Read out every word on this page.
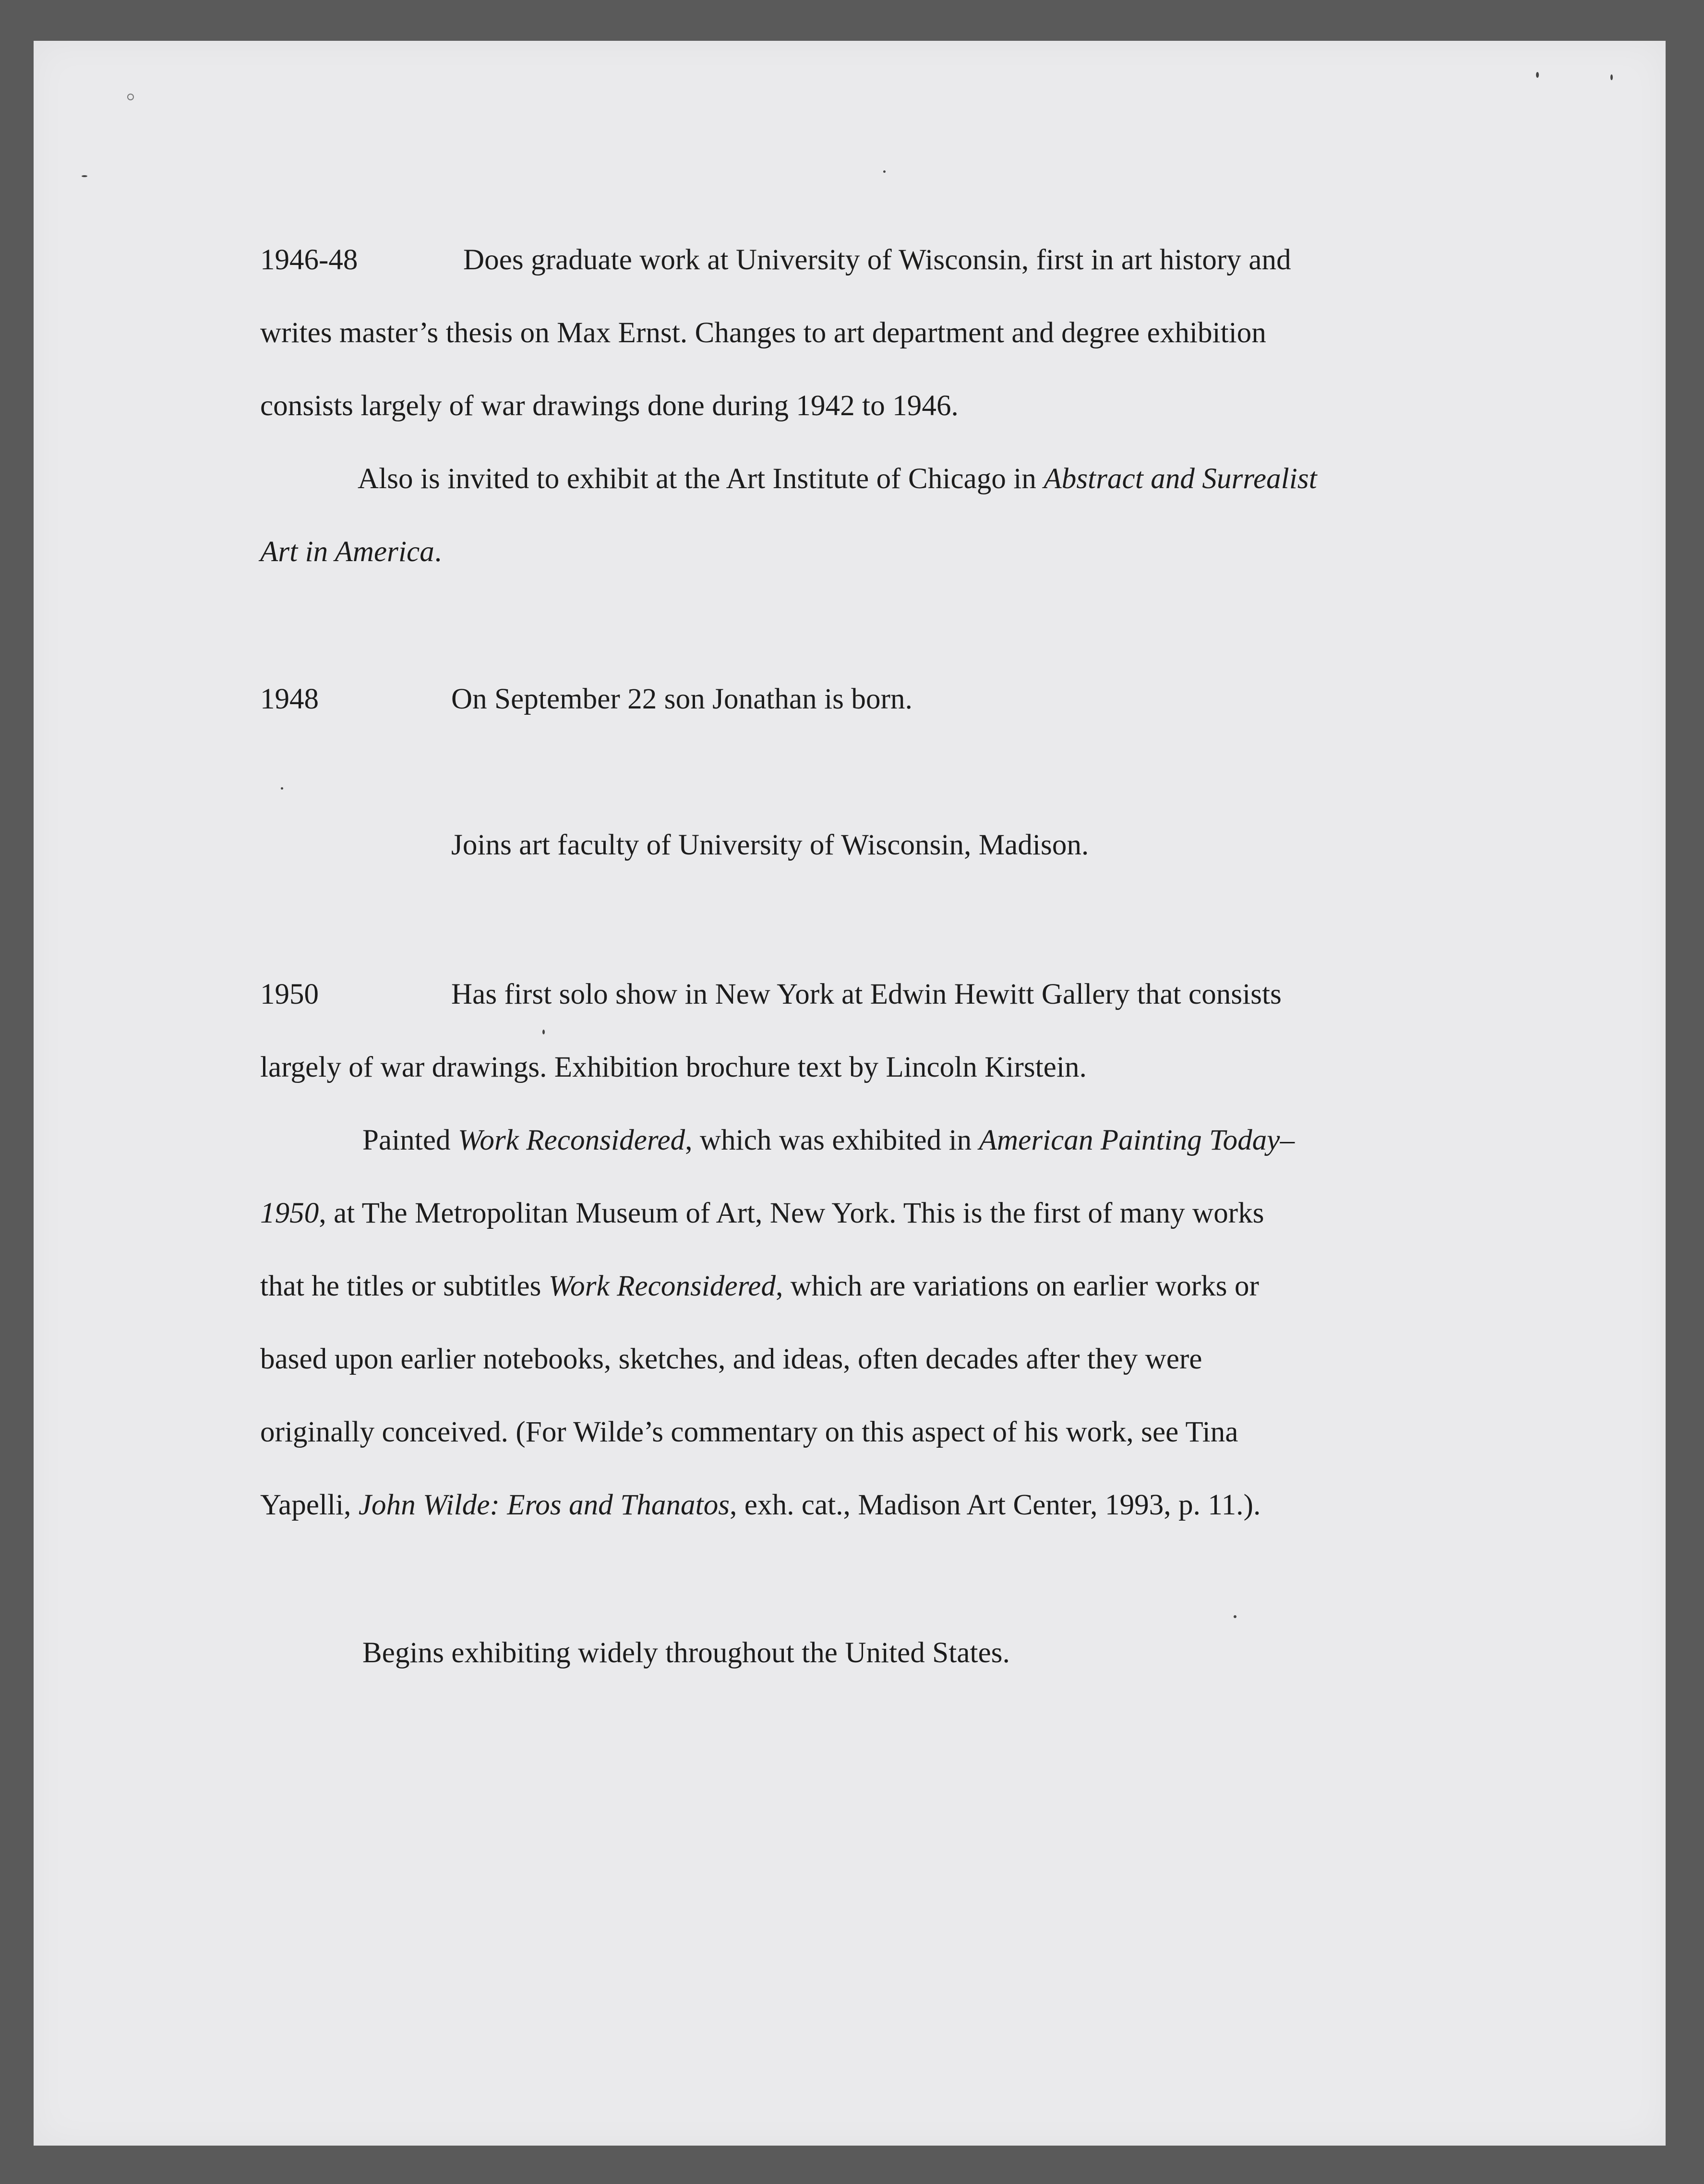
1946-48	Does graduate work at University of Wisconsin, first in art history and

writes master’s thesis on Max Ernst. Changes to art department and degree exhibition

consists largely of war drawings done during 1942 to 1946.

Also is invited to exhibit at the Art Institute of Chicago in Abstract and Surrealist

Art in America.

1948	On September 22 son Jonathan is born.

Joins art faculty of University of Wisconsin, Madison.

1950	Has first solo show in New York at Edwin Hewitt Gallery that consists

largely of war drawings. Exhibition brochure text by Lincoln Kirstein.

Painted Work Reconsidered, which was exhibited in American Painting Today–

1950, at The Metropolitan Museum of Art, New York. This is the first of many works

that he titles or subtitles Work Reconsidered, which are variations on earlier works or

based upon earlier notebooks, sketches, and ideas, often decades after they were

originally conceived. (For Wilde’s commentary on this aspect of his work, see Tina

Yapelli, John Wilde: Eros and Thanatos, exh. cat., Madison Art Center, 1993, p. 11.).

Begins exhibiting widely throughout the United States.
